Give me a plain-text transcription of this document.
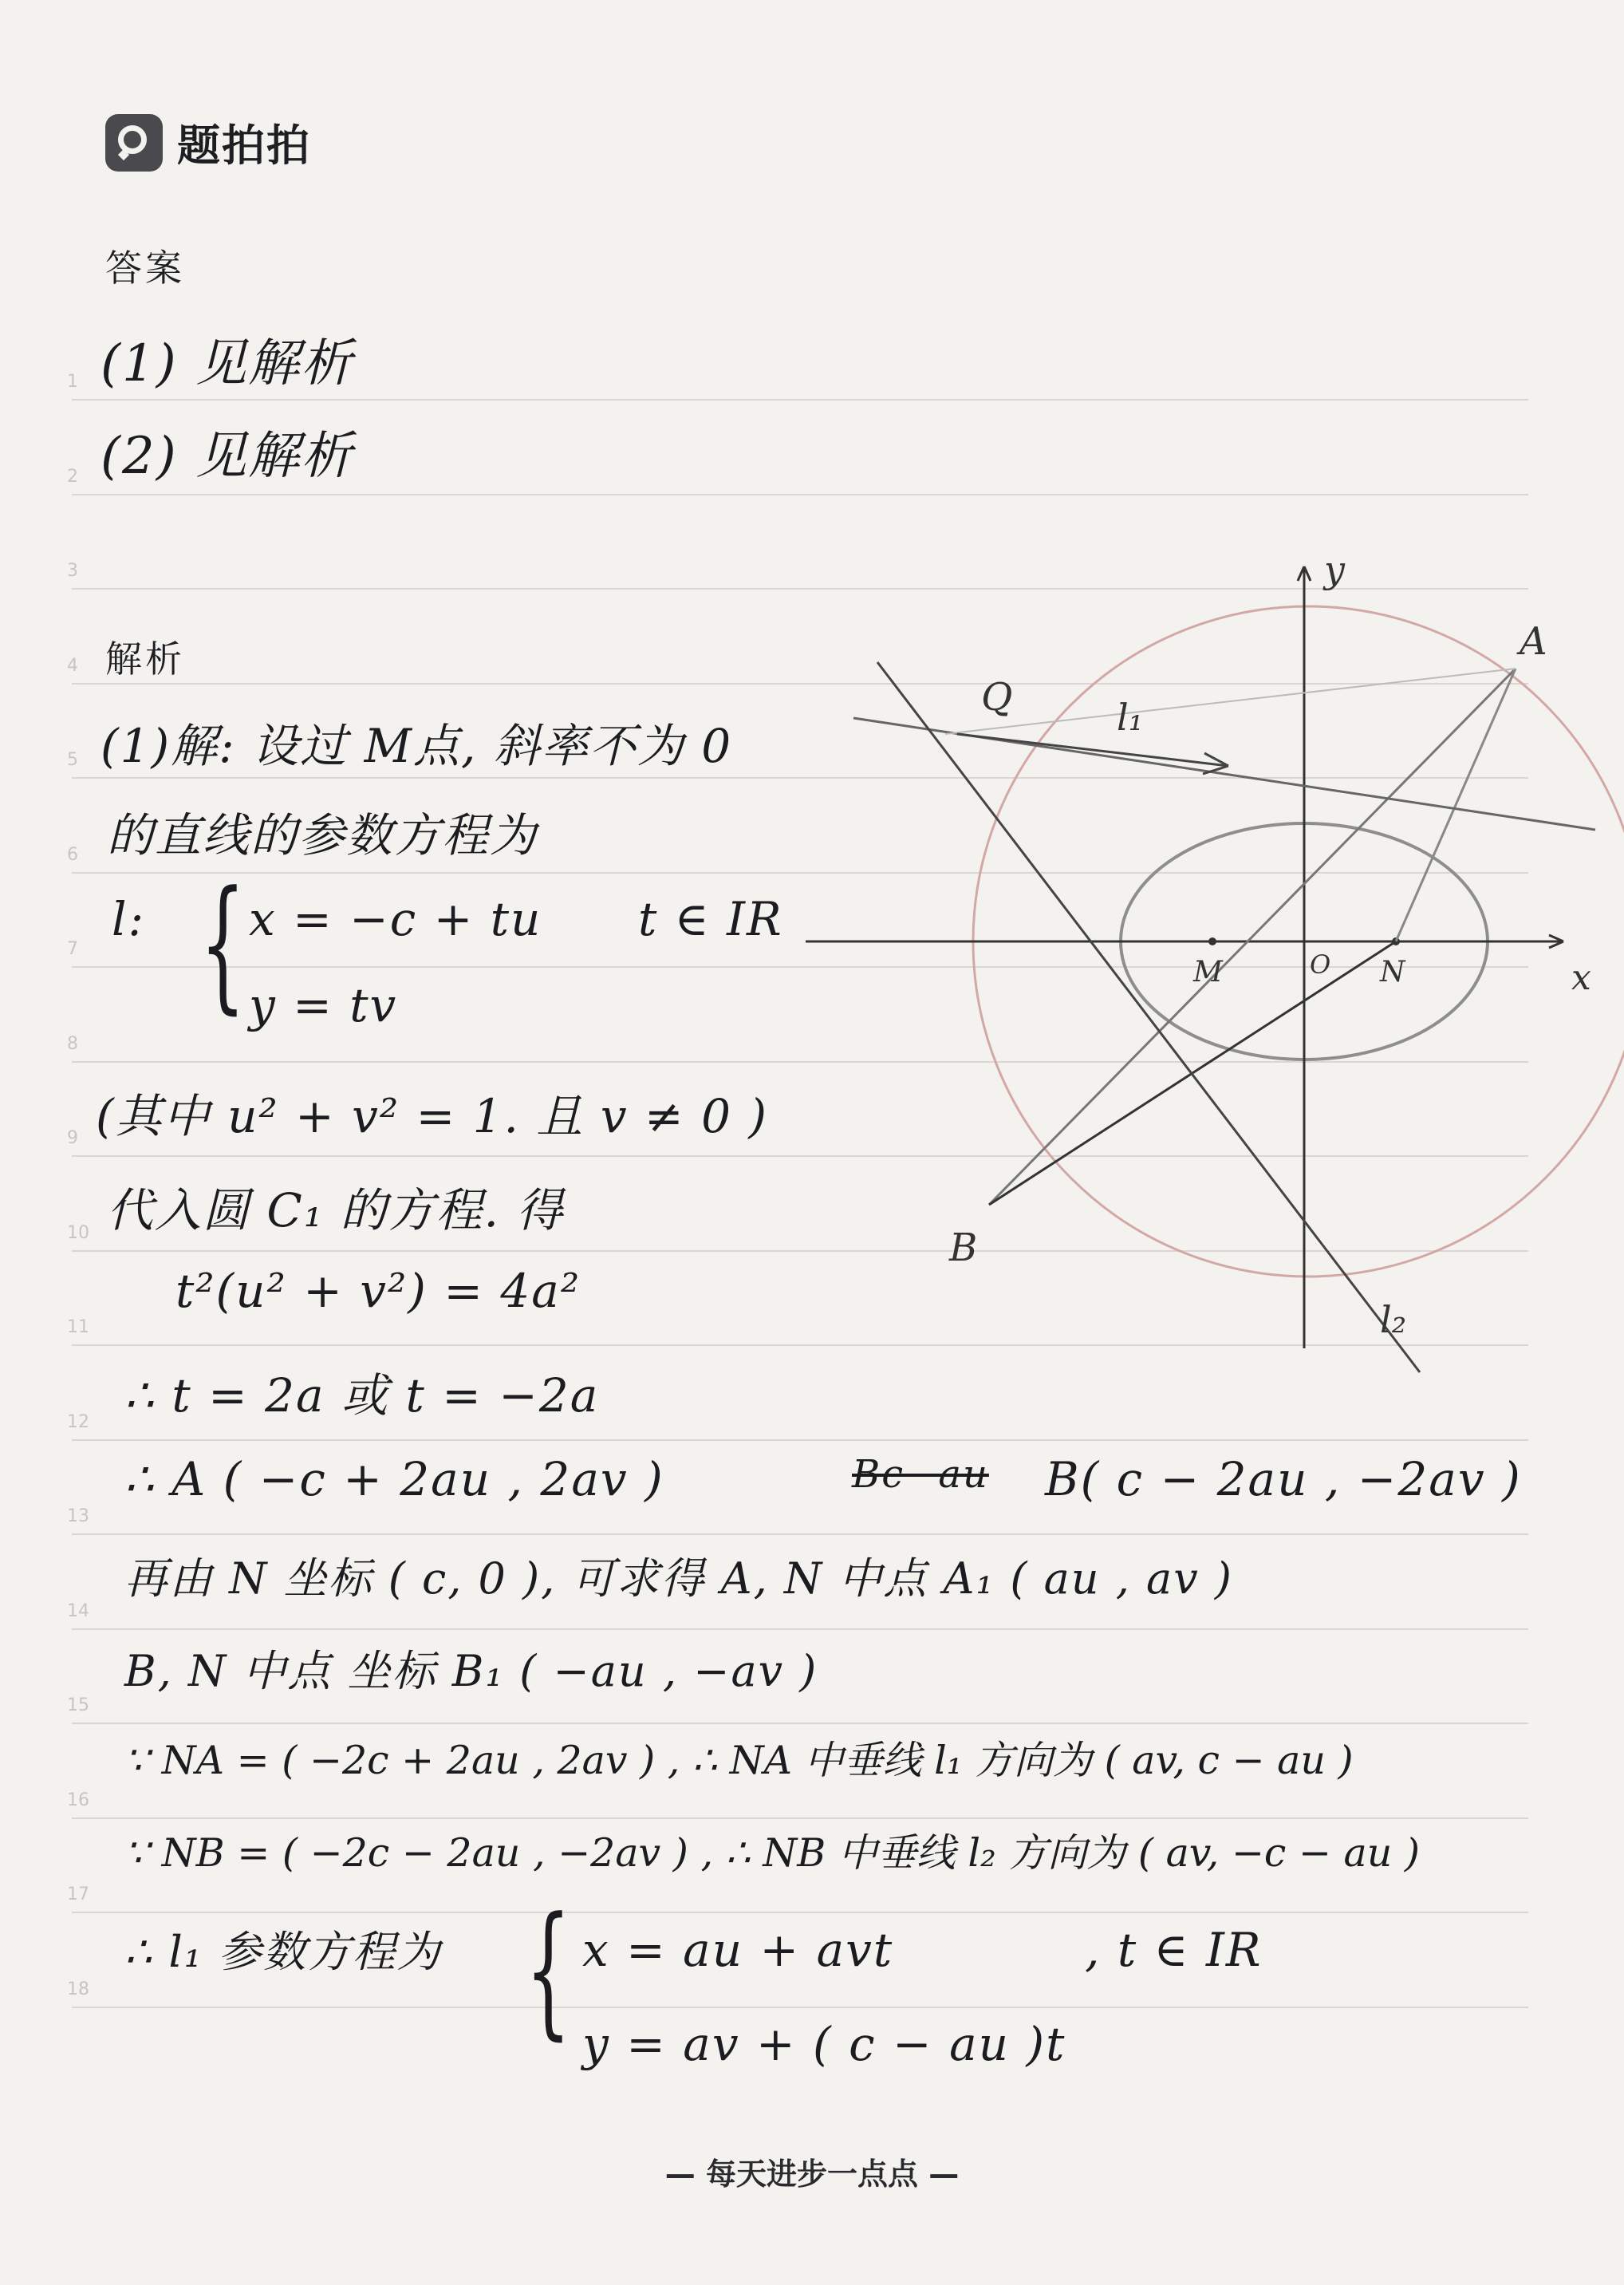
1
2
3
4
5
6
7
8
9
10
11
12
13
14
15
16
17
18
题拍拍
答案
(1) 见解析
(2) 见解析
解析
(1)解: 设过 M点, 斜率不为 0
的直线的参数方程为
l: { x = −c + tu t ∈ IR
y = tv
(其中 u² + v² = 1. 且 v ≠ 0 )
代入圆 C₁ 的方程. 得
t²(u² + v²) = 4a²
∴ t = 2a 或 t = −2a
∴ A ( −c + 2au , 2av )	Bc−au B( c − 2au , −2av )
再由 N 坐标 ( c, 0 ), 可求得 A, N 中点 A₁ ( au , av )
B, N 中点 坐标 B₁ ( −au , −av )
∵ NA = ( −2c + 2au , 2av ) , ∴ NA 中垂线 l₁ 方向为 ( av, c − au )
∵ NB = ( −2c − 2au , −2av ) , ∴ NB 中垂线 l₂ 方向为 ( av, −c − au )
∴ l₁ 参数方程为 { x = au + avt	, t ∈ IR
y = av + ( c − au )t
y
x
A
B
Q
M	O N
l₁
l₂
— 每天进步一点点 —
